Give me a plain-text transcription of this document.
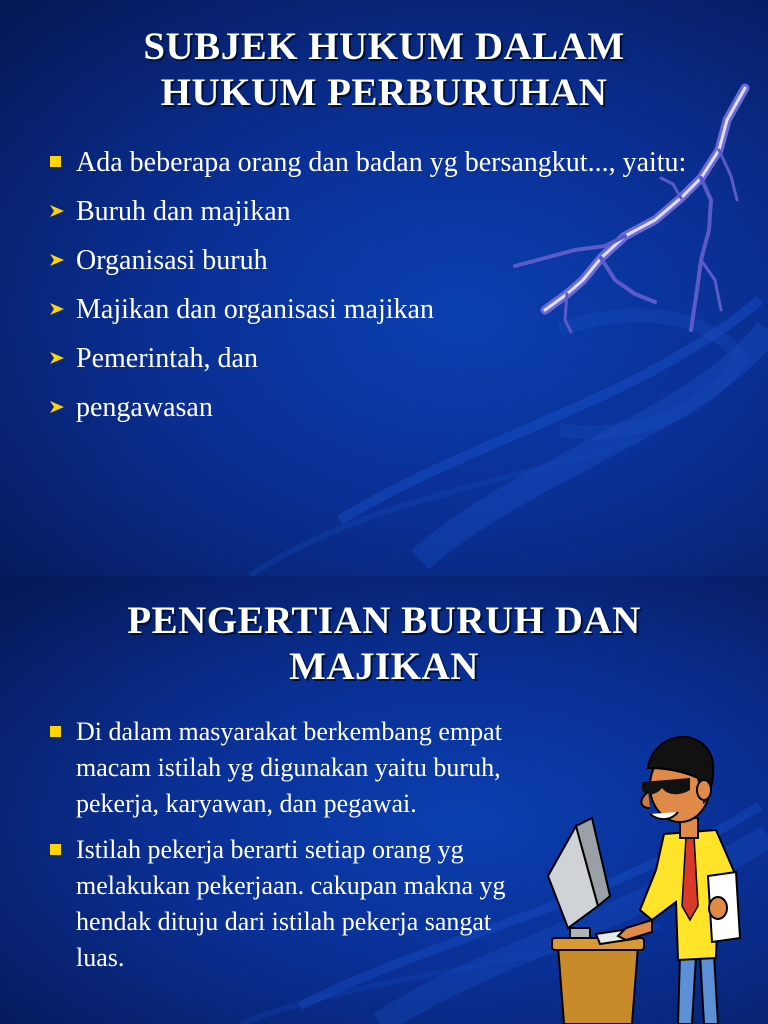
SUBJEK HUKUM DALAM
HUKUM PERBURUHAN
Ada beberapa orang dan badan yg bersangkut..., yaitu:
Buruh dan majikan
Organisasi buruh
Majikan dan organisasi majikan
Pemerintah, dan
pengawasan
PENGERTIAN BURUH DAN
MAJIKAN
Di dalam masyarakat berkembang empat macam istilah yg digunakan yaitu buruh, pekerja, karyawan, dan pegawai.
Istilah pekerja berarti setiap orang yg melakukan pekerjaan. cakupan makna yg hendak dituju dari istilah pekerja sangat luas.
